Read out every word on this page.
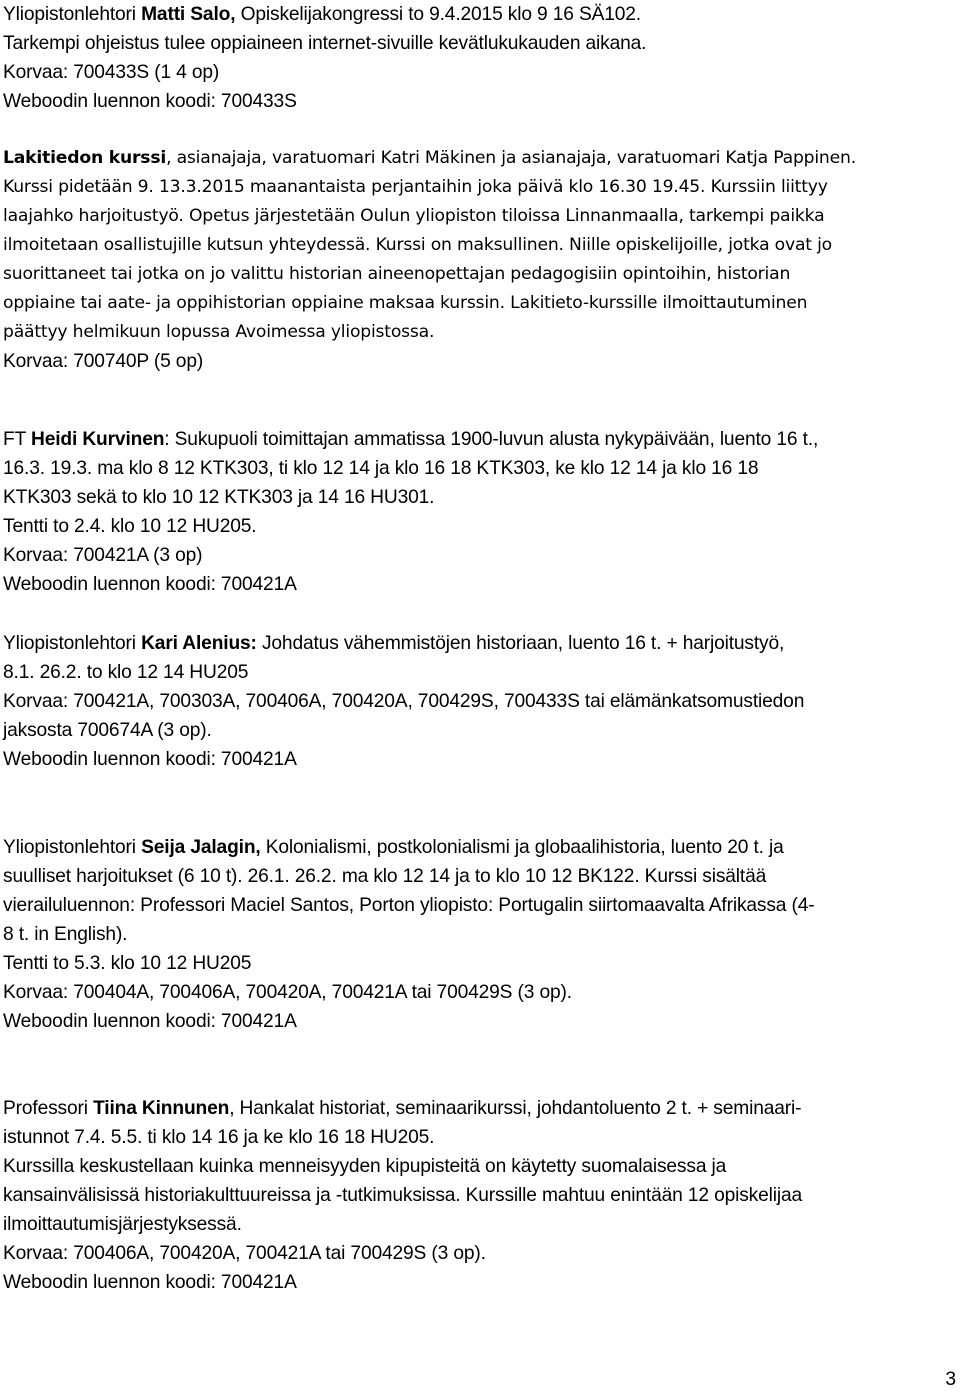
Yliopistonlehtori Matti Salo, Opiskelijakongressi to 9.4.2015 klo 9 16 SÄ102.
Tarkempi ohjeistus tulee oppiaineen internet-sivuille kevätlukukauden aikana.
Korvaa: 700433S (1 4 op)
Weboodin luennon koodi: 700433S
Lakitiedon kurssi, asianajaja, varatuomari Katri Mäkinen ja asianajaja, varatuomari Katja Pappinen.
Kurssi pidetään 9. 13.3.2015 maanantaista perjantaihin joka päivä klo 16.30 19.45. Kurssiin liittyy
laajahko harjoitustyö. Opetus järjestetään Oulun yliopiston tiloissa Linnanmaalla, tarkempi paikka
ilmoitetaan osallistujille kutsun yhteydessä. Kurssi on maksullinen. Niille opiskelijoille, jotka ovat jo
suorittaneet tai jotka on jo valittu historian aineenopettajan pedagogisiin opintoihin, historian
oppiaine tai aate- ja oppihistorian oppiaine maksaa kurssin. Lakitieto-kurssille ilmoittautuminen
päättyy helmikuun lopussa Avoimessa yliopistossa.
Korvaa: 700740P (5 op)
FT Heidi Kurvinen: Sukupuoli toimittajan ammatissa 1900-luvun alusta nykypäivään, luento 16 t.,
16.3. 19.3. ma klo 8 12 KTK303, ti klo 12 14 ja klo 16 18 KTK303, ke klo 12 14 ja klo 16 18
KTK303 sekä to klo 10 12 KTK303 ja 14 16 HU301.
Tentti to 2.4. klo 10 12 HU205.
Korvaa: 700421A (3 op)
Weboodin luennon koodi: 700421A
Yliopistonlehtori Kari Alenius: Johdatus vähemmistöjen historiaan, luento 16 t. + harjoitustyö,
8.1. 26.2. to klo 12 14 HU205
Korvaa: 700421A, 700303A, 700406A, 700420A, 700429S, 700433S tai elämänkatsomustiedon
jaksosta 700674A (3 op).
Weboodin luennon koodi: 700421A
Yliopistonlehtori Seija Jalagin, Kolonialismi, postkolonialismi ja globaalihistoria, luento 20 t. ja
suulliset harjoitukset (6 10 t). 26.1. 26.2. ma klo 12 14 ja to klo 10 12 BK122. Kurssi sisältää
vierailuluennon: Professori Maciel Santos, Porton yliopisto: Portugalin siirtomaavalta Afrikassa (4-
8 t. in English).
Tentti to 5.3. klo 10 12 HU205
Korvaa: 700404A, 700406A, 700420A, 700421A tai 700429S (3 op).
Weboodin luennon koodi: 700421A
Professori Tiina Kinnunen, Hankalat historiat, seminaarikurssi, johdantoluento 2 t. + seminaari-
istunnot 7.4. 5.5. ti klo 14 16 ja ke klo 16 18 HU205.
Kurssilla keskustellaan kuinka menneisyyden kipupisteitä on käytetty suomalaisessa ja
kansainvälisissä historiakulttuureissa ja -tutkimuksissa. Kurssille mahtuu enintään 12 opiskelijaa
ilmoittautumisjärjestyksessä.
Korvaa: 700406A, 700420A, 700421A tai 700429S (3 op).
Weboodin luennon koodi: 700421A
3
